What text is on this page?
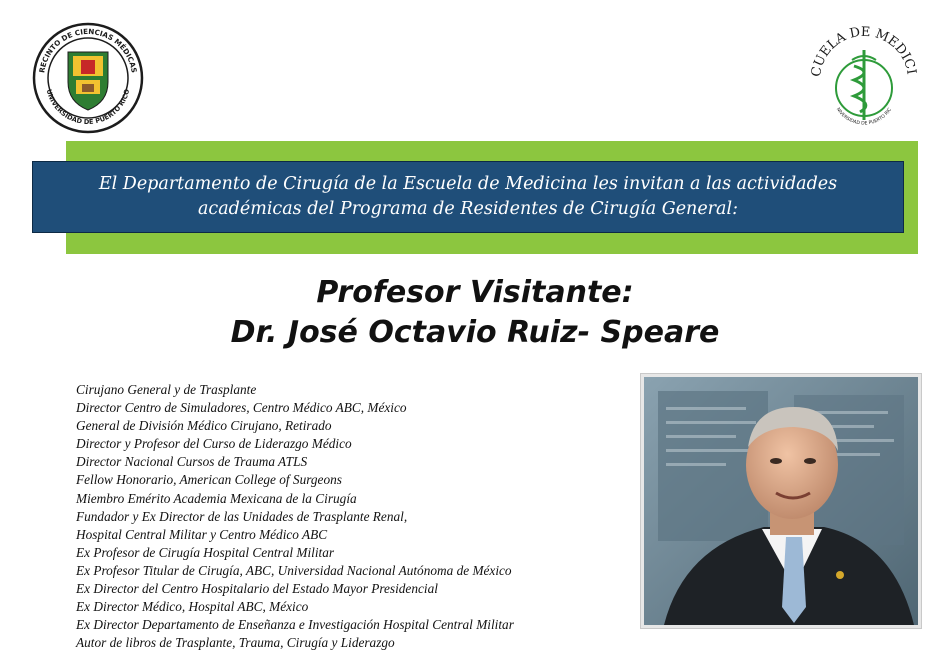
RECINTO DE CIENCIAS MÉDICAS
UNIVERSIDAD DE PUERTO RICO
CUELA DE MEDICI
NIVERSIDAD DE PUERTO RIC
El Departamento de Cirugía de la Escuela de Medicina les invitan a las actividades
académicas del Programa de Residentes de Cirugía General:
Profesor Visitante:
Dr. José Octavio Ruiz- Speare
Cirujano General y de Trasplante
Director Centro de Simuladores, Centro Médico ABC, México
General de División Médico Cirujano, Retirado
Director y Profesor del Curso de Liderazgo Médico
Director Nacional Cursos de Trauma ATLS
Fellow Honorario, American College of Surgeons
Miembro Emérito Academia Mexicana de la Cirugía
Fundador y Ex Director de las Unidades de Trasplante Renal,
Hospital Central Militar y Centro Médico ABC
Ex Profesor de Cirugía Hospital Central Militar
Ex Profesor Titular de Cirugía, ABC, Universidad Nacional Autónoma de México
Ex Director del Centro Hospitalario del Estado Mayor Presidencial
Ex Director Médico, Hospital ABC, México
Ex Director Departamento de Enseñanza e Investigación Hospital Central Militar
Autor de libros de Trasplante, Trauma, Cirugía y Liderazgo
